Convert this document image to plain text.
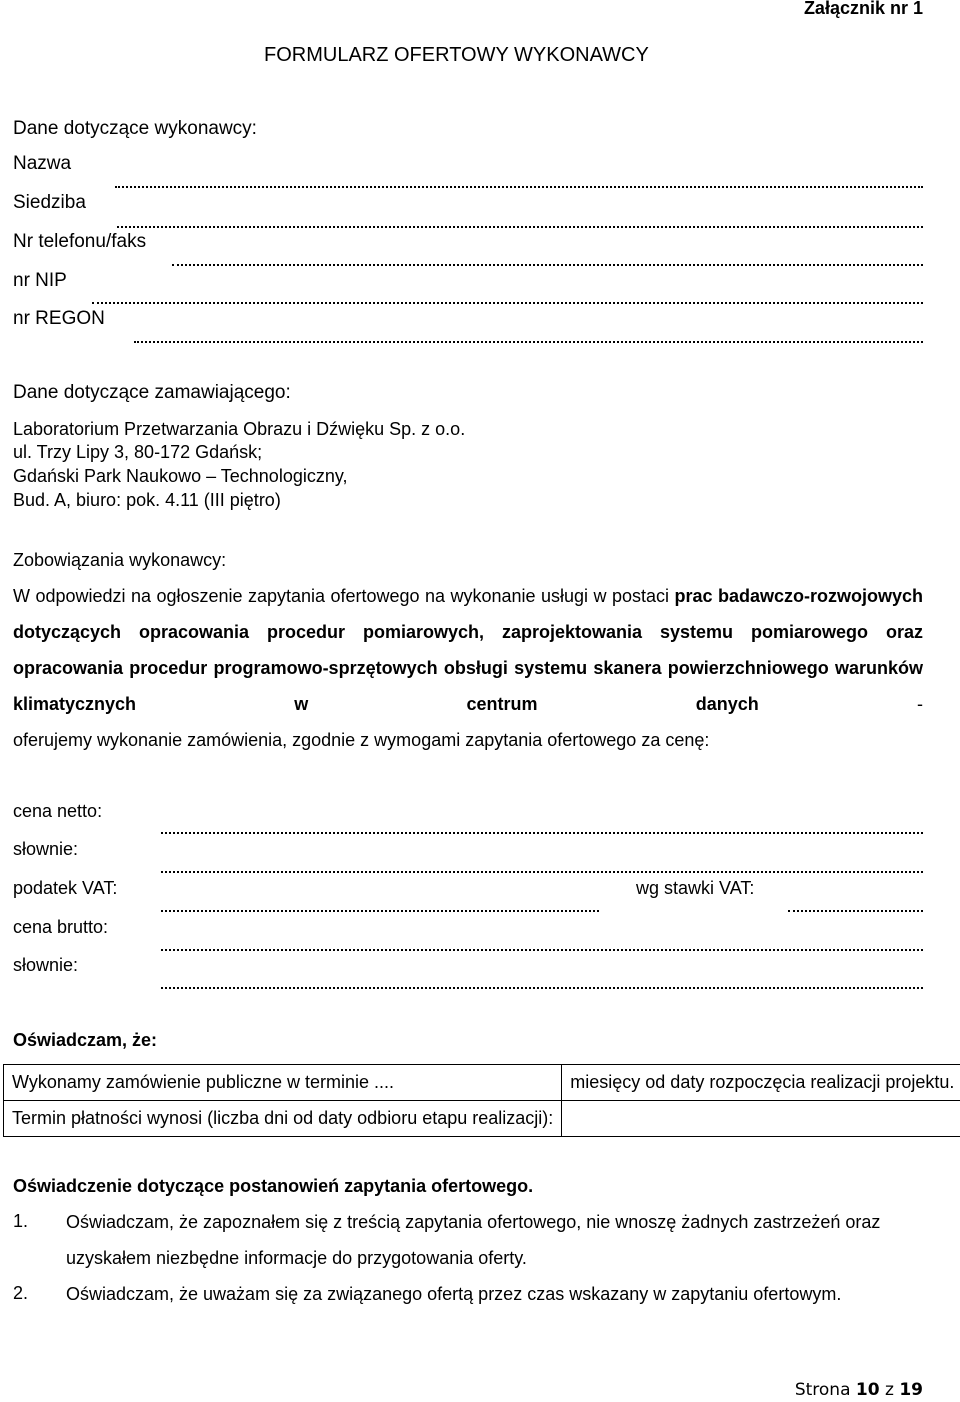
Załącznik nr 1
FORMULARZ OFERTOWY WYKONAWCY
Dane dotyczące wykonawcy:
Nazwa
Siedziba
Nr telefonu/faks
nr NIP
nr REGON
Dane dotyczące zamawiającego:
Laboratorium Przetwarzania Obrazu i Dźwięku Sp. z o.o.
ul. Trzy Lipy 3, 80-172 Gdańsk;
Gdański Park Naukowo – Technologiczny,
Bud. A, biuro: pok. 4.11 (III piętro)
Zobowiązania wykonawcy:
W odpowiedzi na ogłoszenie zapytania ofertowego na wykonanie usługi w postaci prac badawczo-rozwojowych dotyczących opracowania procedur pomiarowych, zaprojektowania systemu pomiarowego oraz opracowania procedur programowo-sprzętowych obsługi systemu skanera powierzchniowego warunków klimatycznych w centrum danych -
oferujemy wykonanie zamówienia, zgodnie z wymogami zapytania ofertowego za cenę:
cena netto:
słownie:
podatek VAT:	wg stawki VAT:
cena brutto:
słownie:
Oświadczam, że:
Wykonamy zamówienie publiczne w terminie ....	miesięcy od daty rozpoczęcia realizacji projektu.
Termin płatności wynosi (liczba dni od daty odbioru etapu realizacji):	
Oświadczenie dotyczące postanowień zapytania ofertowego.
1. Oświadczam, że zapoznałem się z treścią zapytania ofertowego, nie wnoszę żadnych zastrzeżeń oraz uzyskałem niezbędne informacje do przygotowania oferty.
2. Oświadczam, że uważam się za związanego ofertą przez czas wskazany w zapytaniu ofertowym.
Strona 10 z 19
